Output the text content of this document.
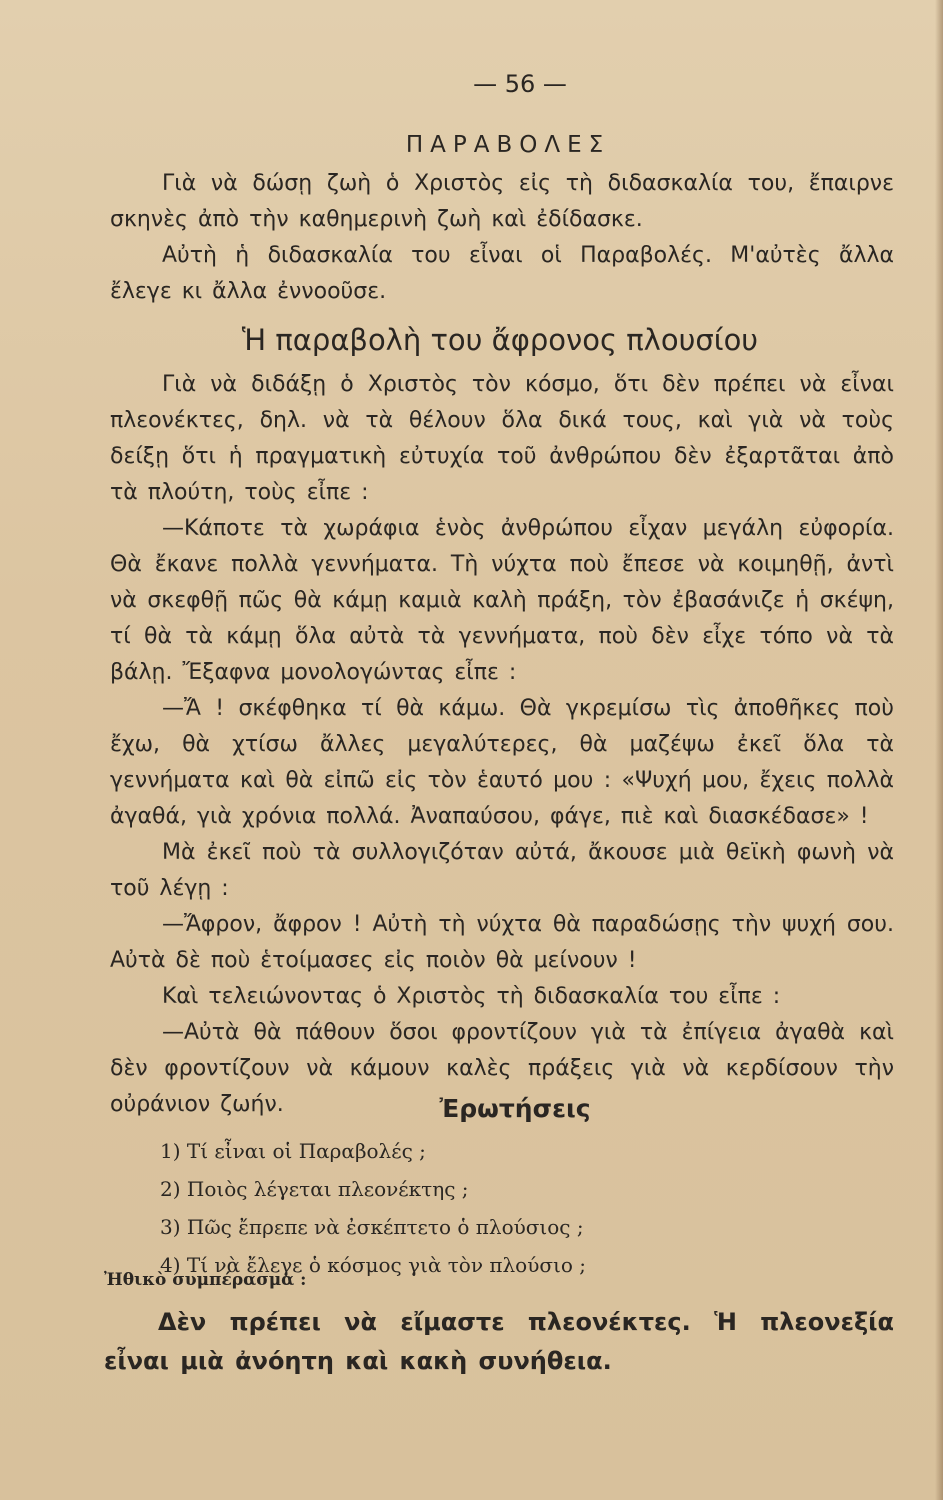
— 56 —
ΠΑΡΑΒΟΛΕΣ

Γιὰ νὰ δώσῃ ζωὴ ὁ Χριστὸς εἰς τὴ διδασκαλία του, ἔπαιρνε σκηνὲς ἀπὸ τὴν καθημερινὴ ζωὴ καὶ ἐδίδασκε.

Αὐτὴ ἡ διδασκαλία του εἶναι οἱ Παραβολές. Μ'αὐτὲς ἄλλα ἔλεγε κι ἄλλα ἐννοοῦσε.

Ἡ παραβολὴ του ἄφρονος πλουσίου

Γιὰ νὰ διδάξῃ ὁ Χριστὸς τὸν κόσμο, ὅτι δὲν πρέπει νὰ εἶναι πλεονέκτες, δηλ. νὰ τὰ θέλουν ὅλα δικά τους, καὶ γιὰ νὰ τοὺς δείξῃ ὅτι ἡ πραγματικὴ εὐτυχία τοῦ ἀνθρώπου δὲν ἐξαρτᾶται ἀπὸ τὰ πλούτη, τοὺς εἶπε :

—Κάποτε τὰ χωράφια ἑνὸς ἀνθρώπου εἶχαν μεγάλη εὐφορία. Θὰ ἔκανε πολλὰ γεννήματα. Τὴ νύχτα ποὺ ἔπεσε νὰ κοιμηθῇ, ἀντὶ νὰ σκεφθῇ πῶς θὰ κάμῃ καμιὰ καλὴ πράξη, τὸν ἐβασάνιζε ἡ σκέψη, τί θὰ τὰ κάμῃ ὅλα αὐτὰ τὰ γεννήματα, ποὺ δὲν εἶχε τόπο νὰ τὰ βάλῃ. Ἔξαφνα μονολογώντας εἶπε :

—Ἄ ! σκέφθηκα τί θὰ κάμω. Θὰ γκρεμίσω τὶς ἀποθῆκες ποὺ ἔχω, θὰ χτίσω ἄλλες μεγαλύτερες, θὰ μαζέψω ἐκεῖ ὅλα τὰ γεννήματα καὶ θὰ εἰπῶ εἰς τὸν ἑαυτό μου : «Ψυχή μου, ἔχεις πολλὰ ἀγαθά, γιὰ χρόνια πολλά. Ἀναπαύσου, φάγε, πιὲ καὶ διασκέδασε» !

Μὰ ἐκεῖ ποὺ τὰ συλλογιζόταν αὐτά, ἄκουσε μιὰ θεϊκὴ φωνὴ νὰ τοῦ λέγῃ :

—Ἄφρον, ἄφρον ! Αὐτὴ τὴ νύχτα θὰ παραδώσῃς τὴν ψυχή σου. Αὐτὰ δὲ ποὺ ἑτοίμασες εἰς ποιὸν θὰ μείνουν !

Καὶ τελειώνοντας ὁ Χριστὸς τὴ διδασκαλία του εἶπε :

—Αὐτὰ θὰ πάθουν ὅσοι φροντίζουν γιὰ τὰ ἐπίγεια ἀγαθὰ καὶ δὲν φροντίζουν νὰ κάμουν καλὲς πράξεις γιὰ νὰ κερδίσουν τὴν οὐράνιον ζωήν.	Ἐρωτήσεις
1) Τί εἶναι οἱ Παραβολές ;
2) Ποιὸς λέγεται πλεονέκτης ;
3) Πῶς ἔπρεπε νὰ ἐσκέπτετο ὁ πλούσιος ;
4) Τί νὰ ἔλεγε ὁ κόσμος γιὰ τὸν πλούσιο ;
Ἠθικὸ συμπέρασμα :

Δὲν πρέπει νὰ εἴμαστε πλεονέκτες. Ἡ πλεονεξία εἶναι μιὰ ἀνόητη καὶ κακὴ συνήθεια.
